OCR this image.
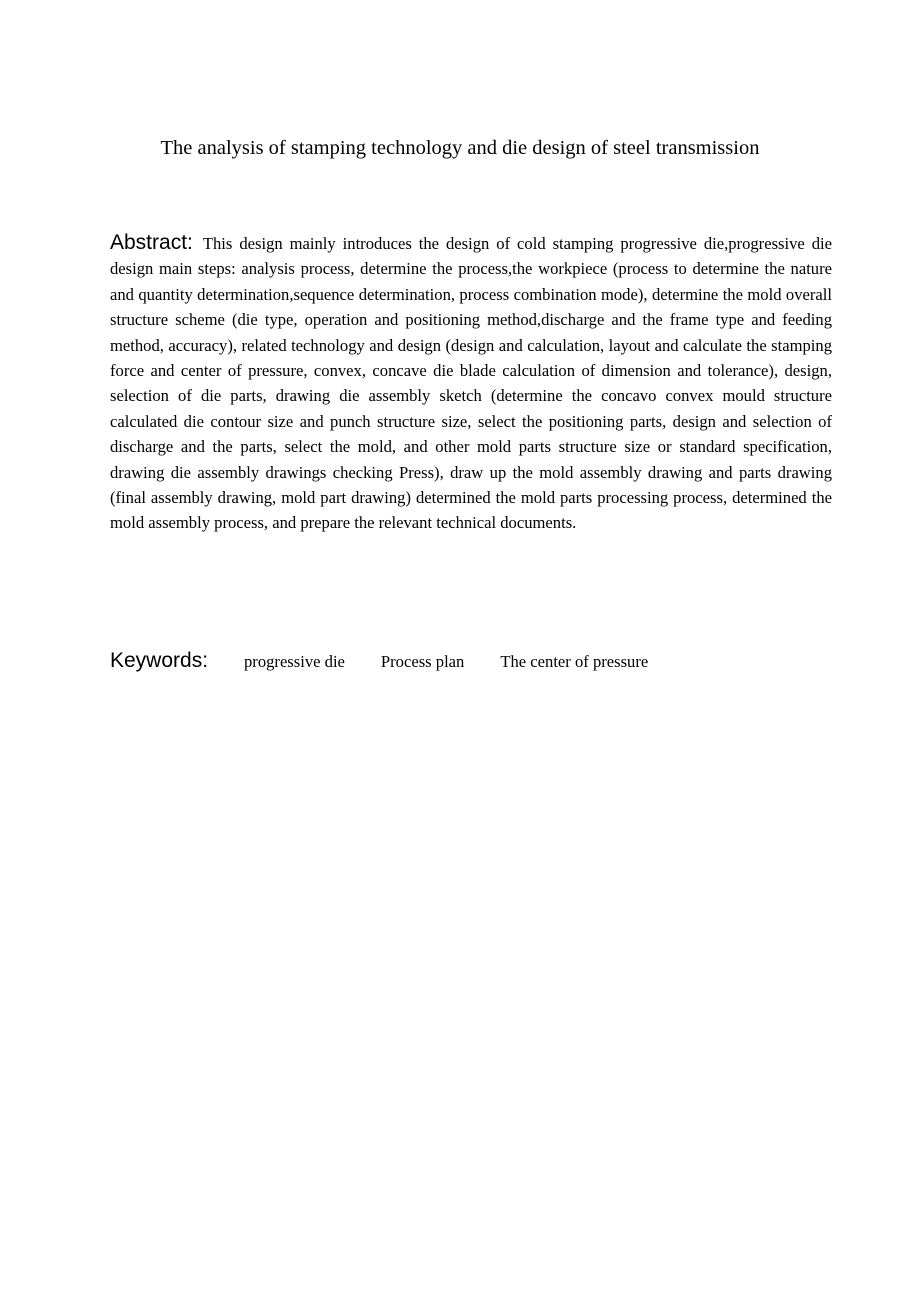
The analysis of stamping technology and die design of steel transmission

Abstract: This design mainly introduces the design of cold stamping progressive die,progressive die design main steps: analysis process, determine the process,the workpiece (process to determine the nature and quantity determination,sequence determination, process combination mode), determine the mold overall structure scheme (die type, operation and positioning method,discharge and the frame type and feeding method, accuracy), related technology and design (design and calculation, layout and calculate the stamping force and center of pressure, convex, concave die blade calculation of dimension and tolerance), design, selection of die parts, drawing die assembly sketch (determine the concavo convex mould structure calculated die contour size and punch structure size, select the positioning parts, design and selection of discharge and the parts, select the mold, and other mold parts structure size or standard specification, drawing die assembly drawings checking Press), draw up the mold assembly drawing and parts drawing (final assembly drawing, mold part drawing) determined the mold parts processing process, determined the mold assembly process, and prepare the relevant technical documents.

Keywords: progressive die Process plan The center of pressure
